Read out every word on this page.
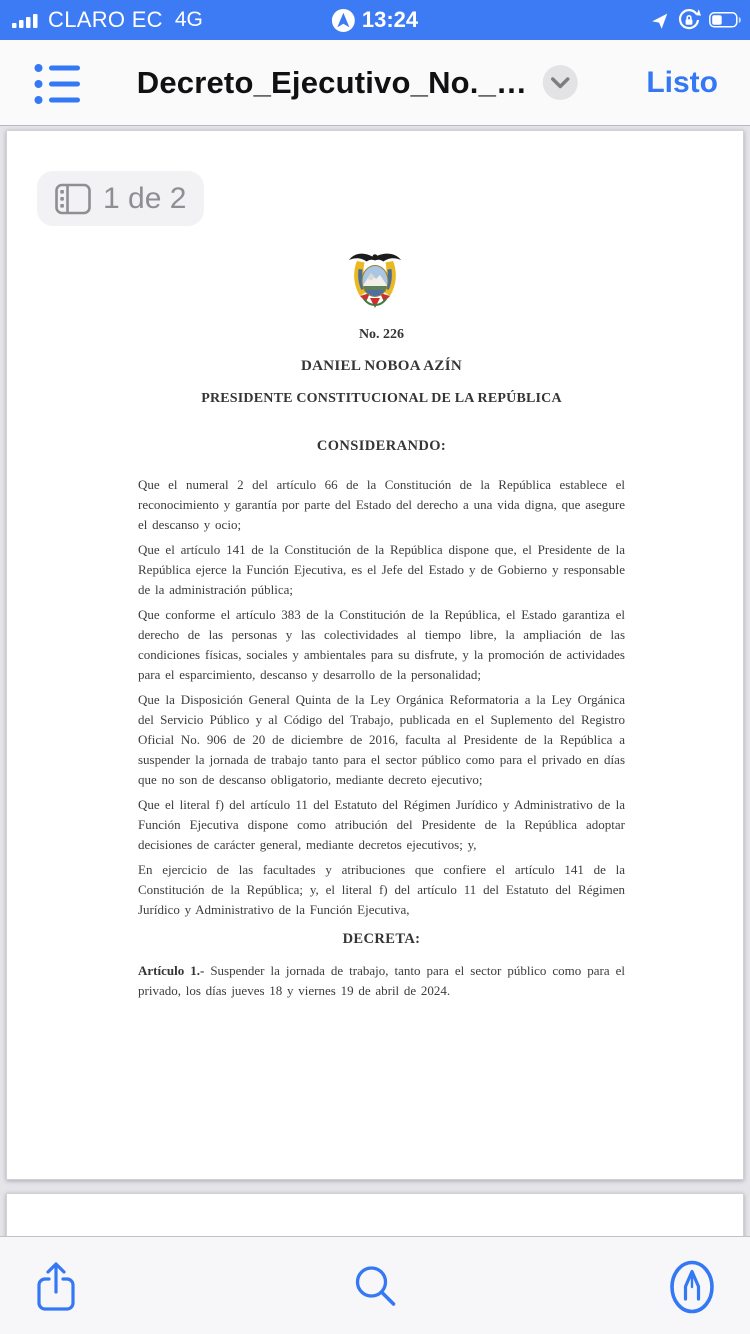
CLARO EC 4G	13:24
Decreto_Ejecutivo_No._…	Listo
1 de 2
No. 226
DANIEL NOBOA AZÍN
PRESIDENTE CONSTITUCIONAL DE LA REPÚBLICA
CONSIDERANDO:

Que el numeral 2 del artículo 66 de la Constitución de la República establece el reconocimiento y garantía por parte del Estado del derecho a una vida digna, que asegure el descanso y ocio;

Que el artículo 141 de la Constitución de la República dispone que, el Presidente de la República ejerce la Función Ejecutiva, es el Jefe del Estado y de Gobierno y responsable de la administración pública;

Que conforme el artículo 383 de la Constitución de la República, el Estado garantiza el derecho de las personas y las colectividades al tiempo libre, la ampliación de las condiciones físicas, sociales y ambientales para su disfrute, y la promoción de actividades para el esparcimiento, descanso y desarrollo de la personalidad;

Que la Disposición General Quinta de la Ley Orgánica Reformatoria a la Ley Orgánica del Servicio Público y al Código del Trabajo, publicada en el Suplemento del Registro Oficial No. 906 de 20 de diciembre de 2016, faculta al Presidente de la República a suspender la jornada de trabajo tanto para el sector público como para el privado en días que no son de descanso obligatorio, mediante decreto ejecutivo;

Que el literal f) del artículo 11 del Estatuto del Régimen Jurídico y Administrativo de la Función Ejecutiva dispone como atribución del Presidente de la República adoptar decisiones de carácter general, mediante decretos ejecutivos; y,

En ejercicio de las facultades y atribuciones que confiere el artículo 141 de la Constitución de la República; y, el literal f) del artículo 11 del Estatuto del Régimen Jurídico y Administrativo de la Función Ejecutiva,

DECRETA:

Artículo 1.- Suspender la jornada de trabajo, tanto para el sector público como para el privado, los días jueves 18 y viernes 19 de abril de 2024.
